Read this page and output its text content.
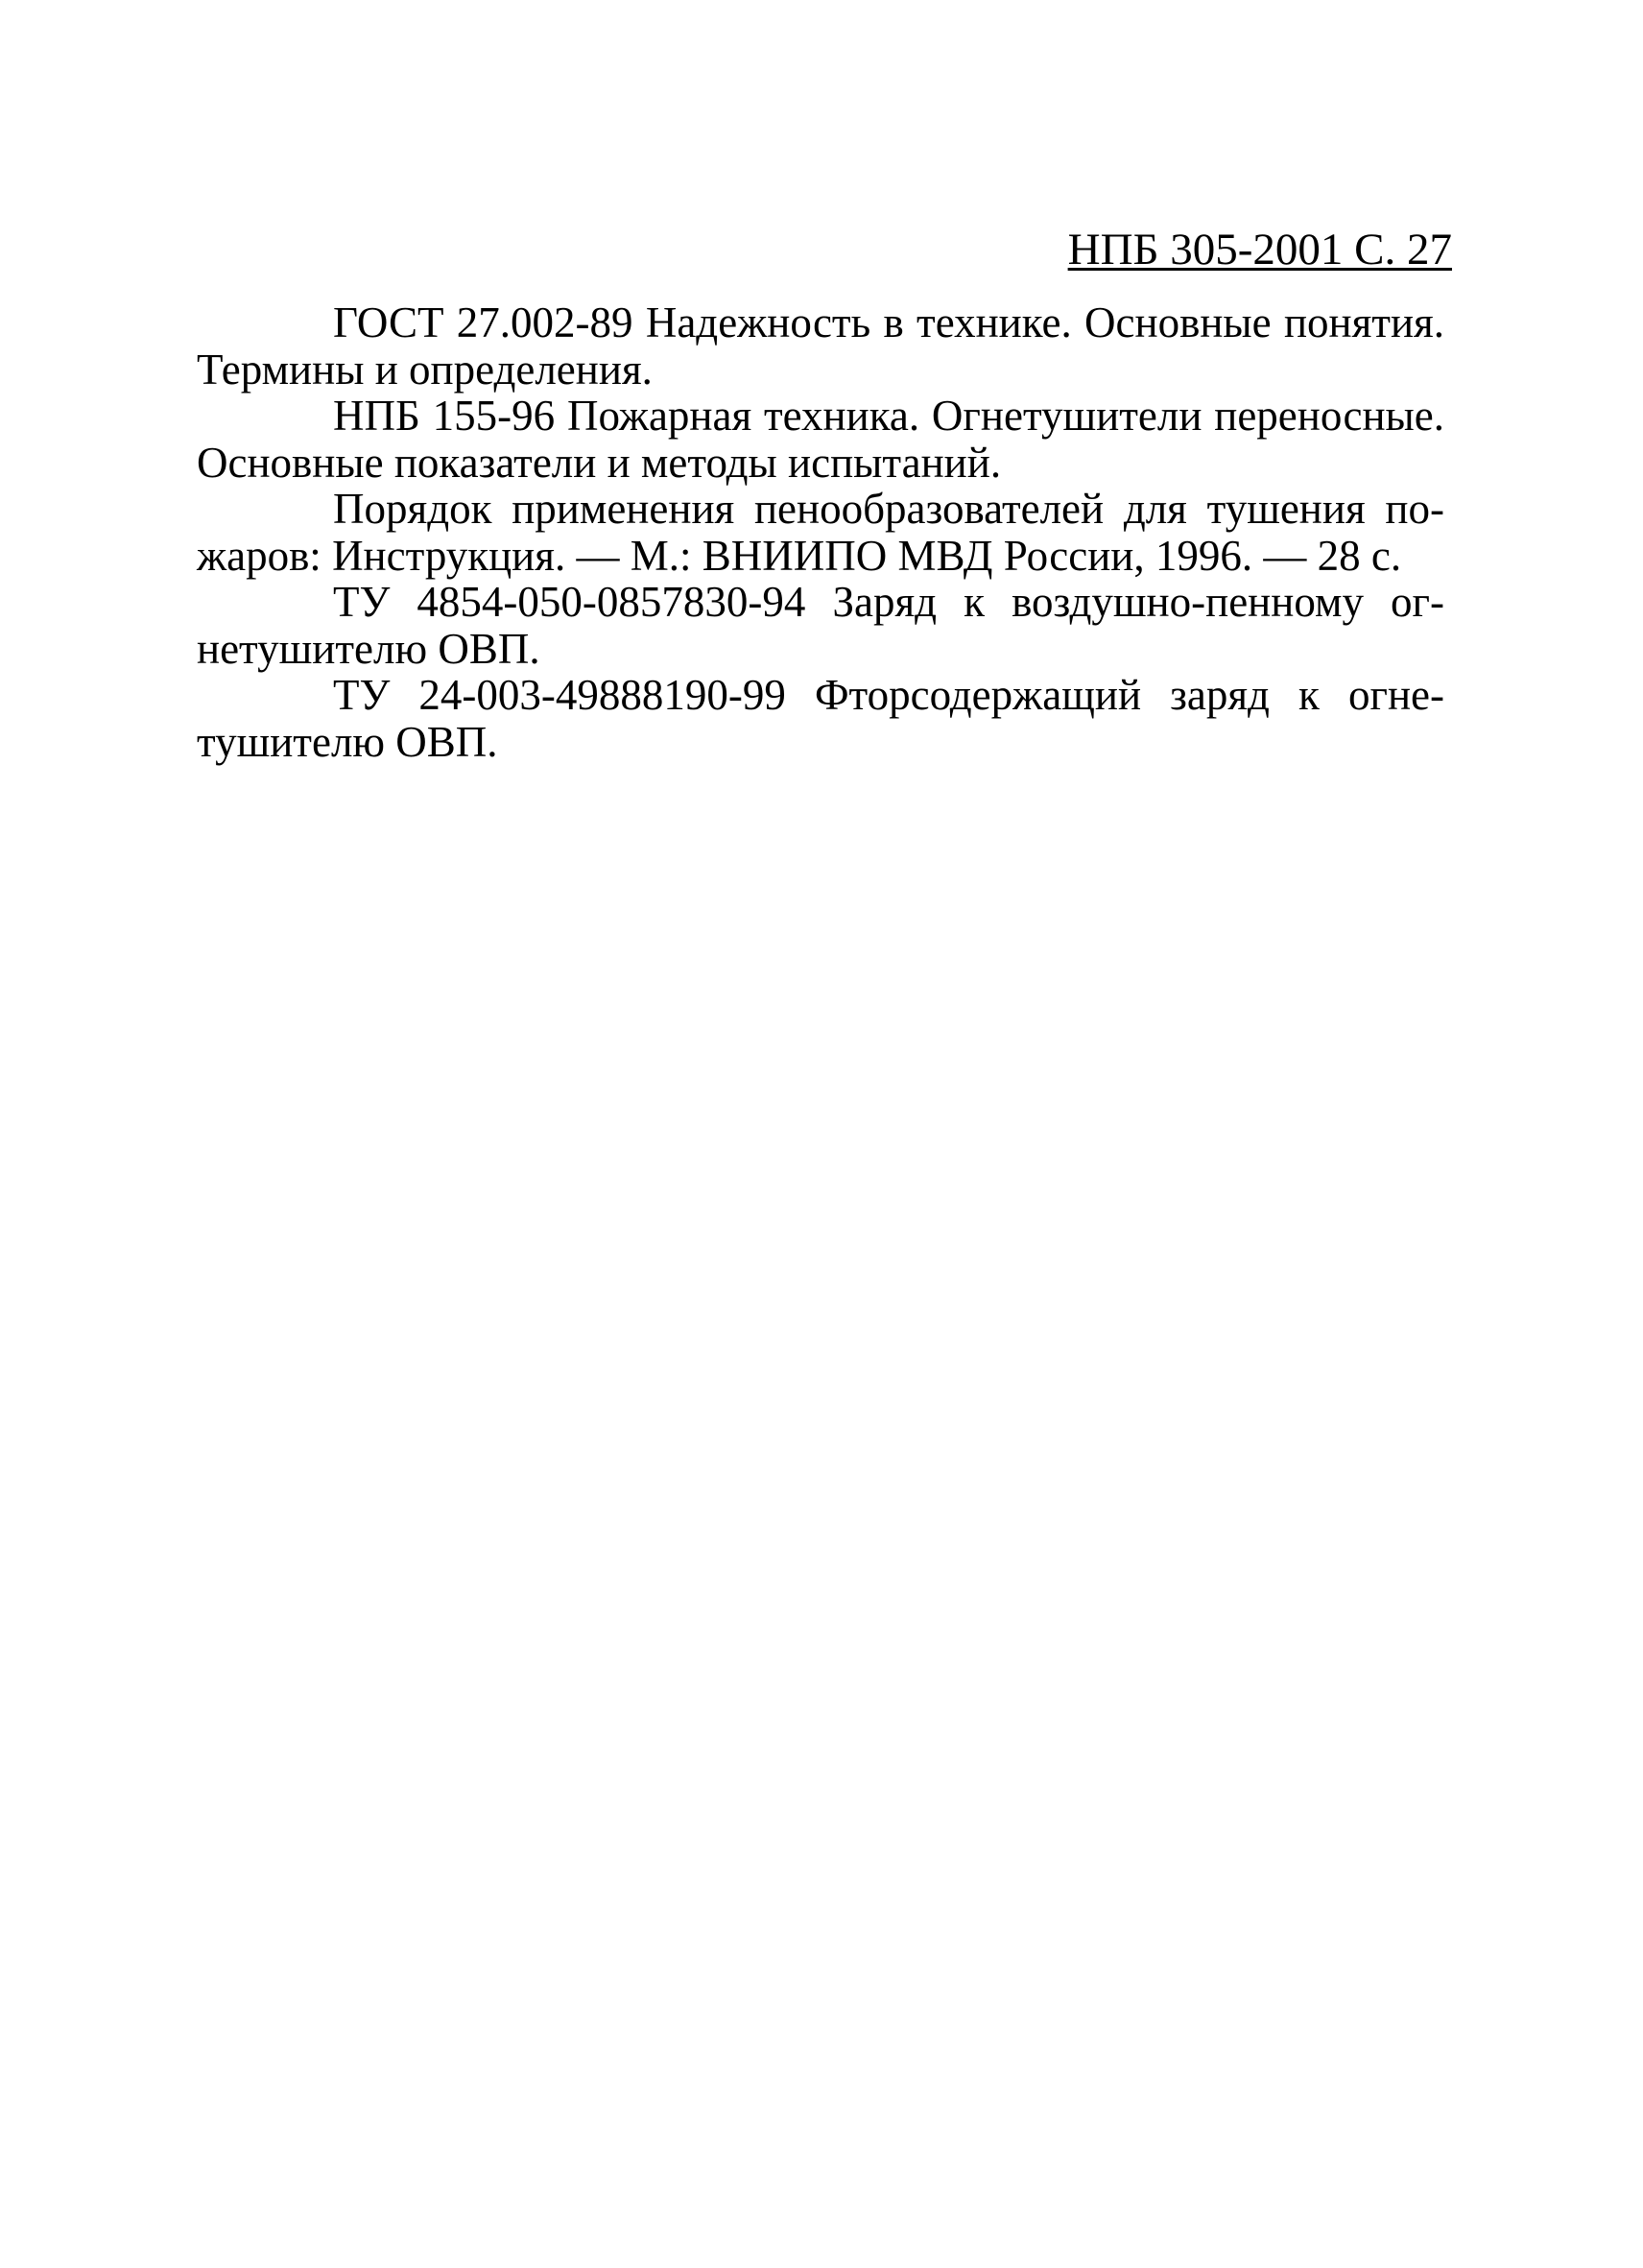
НПБ 305-2001 С. 27

ГОСТ 27.002-89 Надежность в технике. Основные понятия. Термины и определения.

НПБ 155-96 Пожарная техника. Огнетушители переносные. Основные показатели и методы испытаний.

Порядок применения пенообразователей для тушения пожаров: Инструкция. — М.: ВНИИПО МВД России, 1996. — 28 с.

ТУ 4854-050-0857830-94 Заряд к воздушно-пенному огнетушителю ОВП.

ТУ 24-003-49888190-99 Фторсодержащий заряд к огнетушителю ОВП.
